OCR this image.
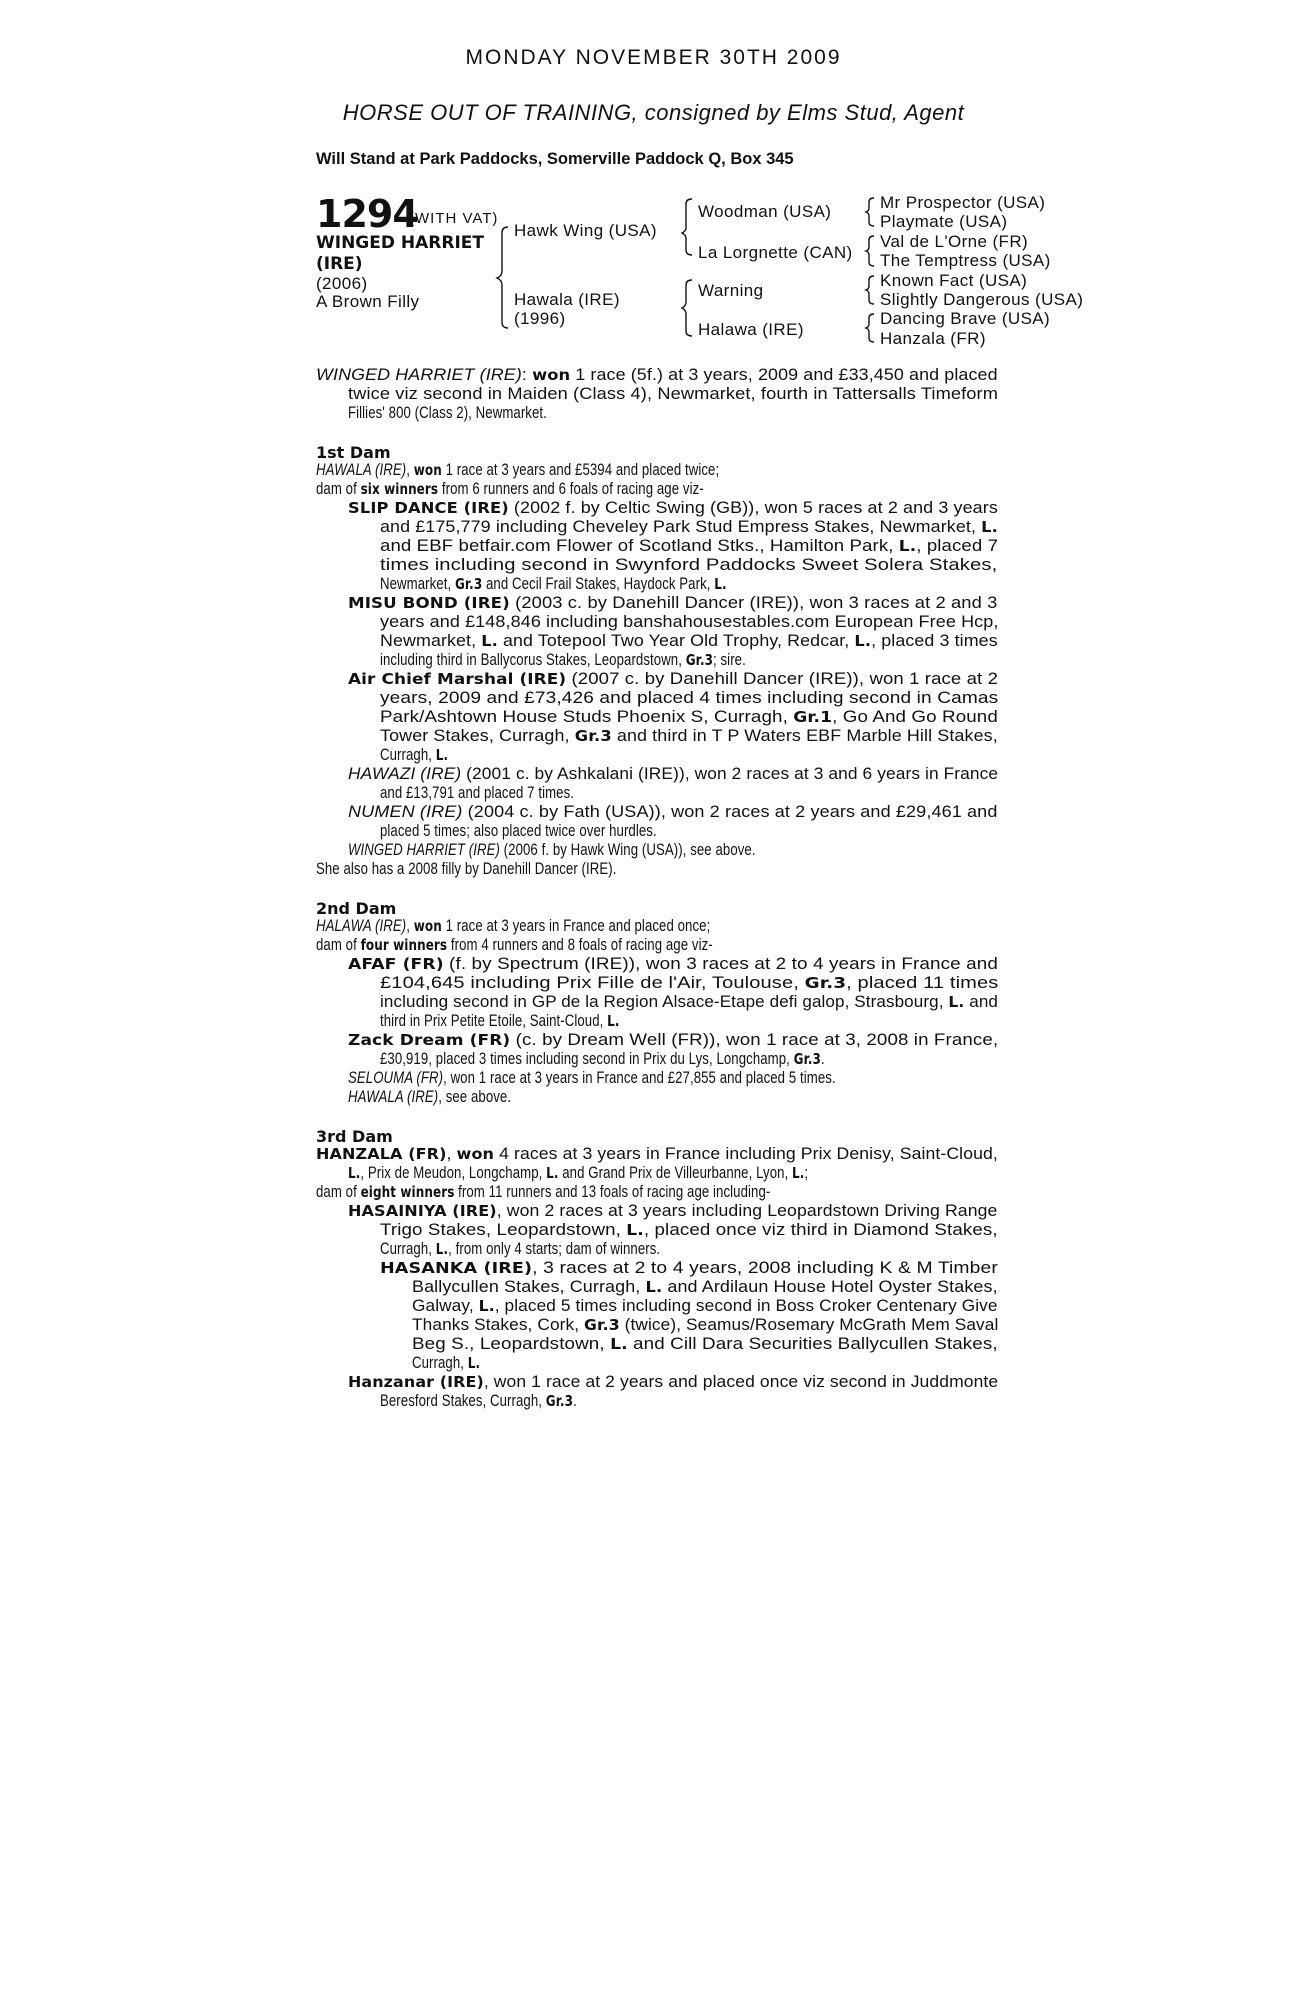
MONDAY NOVEMBER 30TH 2009
HORSE OUT OF TRAINING, consigned by Elms Stud, Agent
Will Stand at Park Paddocks, Somerville Paddock Q, Box 345
1294
(WITH VAT)
WINGED HARRIET
(IRE)
(2006)
A Brown Filly
Hawk Wing (USA)
Hawala (IRE)
(1996)
Woodman (USA)
La Lorgnette (CAN)
Warning
Halawa (IRE)
Mr Prospector (USA)
Playmate (USA)
Val de L'Orne (FR)
The Temptress (USA)
Known Fact (USA)
Slightly Dangerous (USA)
Dancing Brave (USA)
Hanzala (FR)
WINGED HARRIET (IRE): won 1 race (5f.) at 3 years, 2009 and £33,450 and placed
twice viz second in Maiden (Class 4), Newmarket, fourth in Tattersalls Timeform
Fillies' 800 (Class 2), Newmarket.
1st Dam
HAWALA (IRE), won 1 race at 3 years and £5394 and placed twice;
dam of six winners from 6 runners and 6 foals of racing age viz-
SLIP DANCE (IRE) (2002 f. by Celtic Swing (GB)), won 5 races at 2 and 3 years
and £175,779 including Cheveley Park Stud Empress Stakes, Newmarket, L.
and EBF betfair.com Flower of Scotland Stks., Hamilton Park, L., placed 7
times including second in Swynford Paddocks Sweet Solera Stakes,
Newmarket, Gr.3 and Cecil Frail Stakes, Haydock Park, L.
MISU BOND (IRE) (2003 c. by Danehill Dancer (IRE)), won 3 races at 2 and 3
years and £148,846 including banshahousestables.com European Free Hcp,
Newmarket, L. and Totepool Two Year Old Trophy, Redcar, L., placed 3 times
including third in Ballycorus Stakes, Leopardstown, Gr.3; sire.
Air Chief Marshal (IRE) (2007 c. by Danehill Dancer (IRE)), won 1 race at 2
years, 2009 and £73,426 and placed 4 times including second in Camas
Park/Ashtown House Studs Phoenix S, Curragh, Gr.1, Go And Go Round
Tower Stakes, Curragh, Gr.3 and third in T P Waters EBF Marble Hill Stakes,
Curragh, L.
HAWAZI (IRE) (2001 c. by Ashkalani (IRE)), won 2 races at 3 and 6 years in France
and £13,791 and placed 7 times.
NUMEN (IRE) (2004 c. by Fath (USA)), won 2 races at 2 years and £29,461 and
placed 5 times; also placed twice over hurdles.
WINGED HARRIET (IRE) (2006 f. by Hawk Wing (USA)), see above.
She also has a 2008 filly by Danehill Dancer (IRE).
2nd Dam
HALAWA (IRE), won 1 race at 3 years in France and placed once;
dam of four winners from 4 runners and 8 foals of racing age viz-
AFAF (FR) (f. by Spectrum (IRE)), won 3 races at 2 to 4 years in France and
£104,645 including Prix Fille de l'Air, Toulouse, Gr.3, placed 11 times
including second in GP de la Region Alsace-Etape defi galop, Strasbourg, L. and
third in Prix Petite Etoile, Saint-Cloud, L.
Zack Dream (FR) (c. by Dream Well (FR)), won 1 race at 3, 2008 in France,
£30,919, placed 3 times including second in Prix du Lys, Longchamp, Gr.3.
SELOUMA (FR), won 1 race at 3 years in France and £27,855 and placed 5 times.
HAWALA (IRE), see above.
3rd Dam
HANZALA (FR), won 4 races at 3 years in France including Prix Denisy, Saint-Cloud,
L., Prix de Meudon, Longchamp, L. and Grand Prix de Villeurbanne, Lyon, L.;
dam of eight winners from 11 runners and 13 foals of racing age including-
HASAINIYA (IRE), won 2 races at 3 years including Leopardstown Driving Range
Trigo Stakes, Leopardstown, L., placed once viz third in Diamond Stakes,
Curragh, L., from only 4 starts; dam of winners.
HASANKA (IRE), 3 races at 2 to 4 years, 2008 including K & M Timber
Ballycullen Stakes, Curragh, L. and Ardilaun House Hotel Oyster Stakes,
Galway, L., placed 5 times including second in Boss Croker Centenary Give
Thanks Stakes, Cork, Gr.3 (twice), Seamus/Rosemary McGrath Mem Saval
Beg S., Leopardstown, L. and Cill Dara Securities Ballycullen Stakes,
Curragh, L.
Hanzanar (IRE), won 1 race at 2 years and placed once viz second in Juddmonte
Beresford Stakes, Curragh, Gr.3.
